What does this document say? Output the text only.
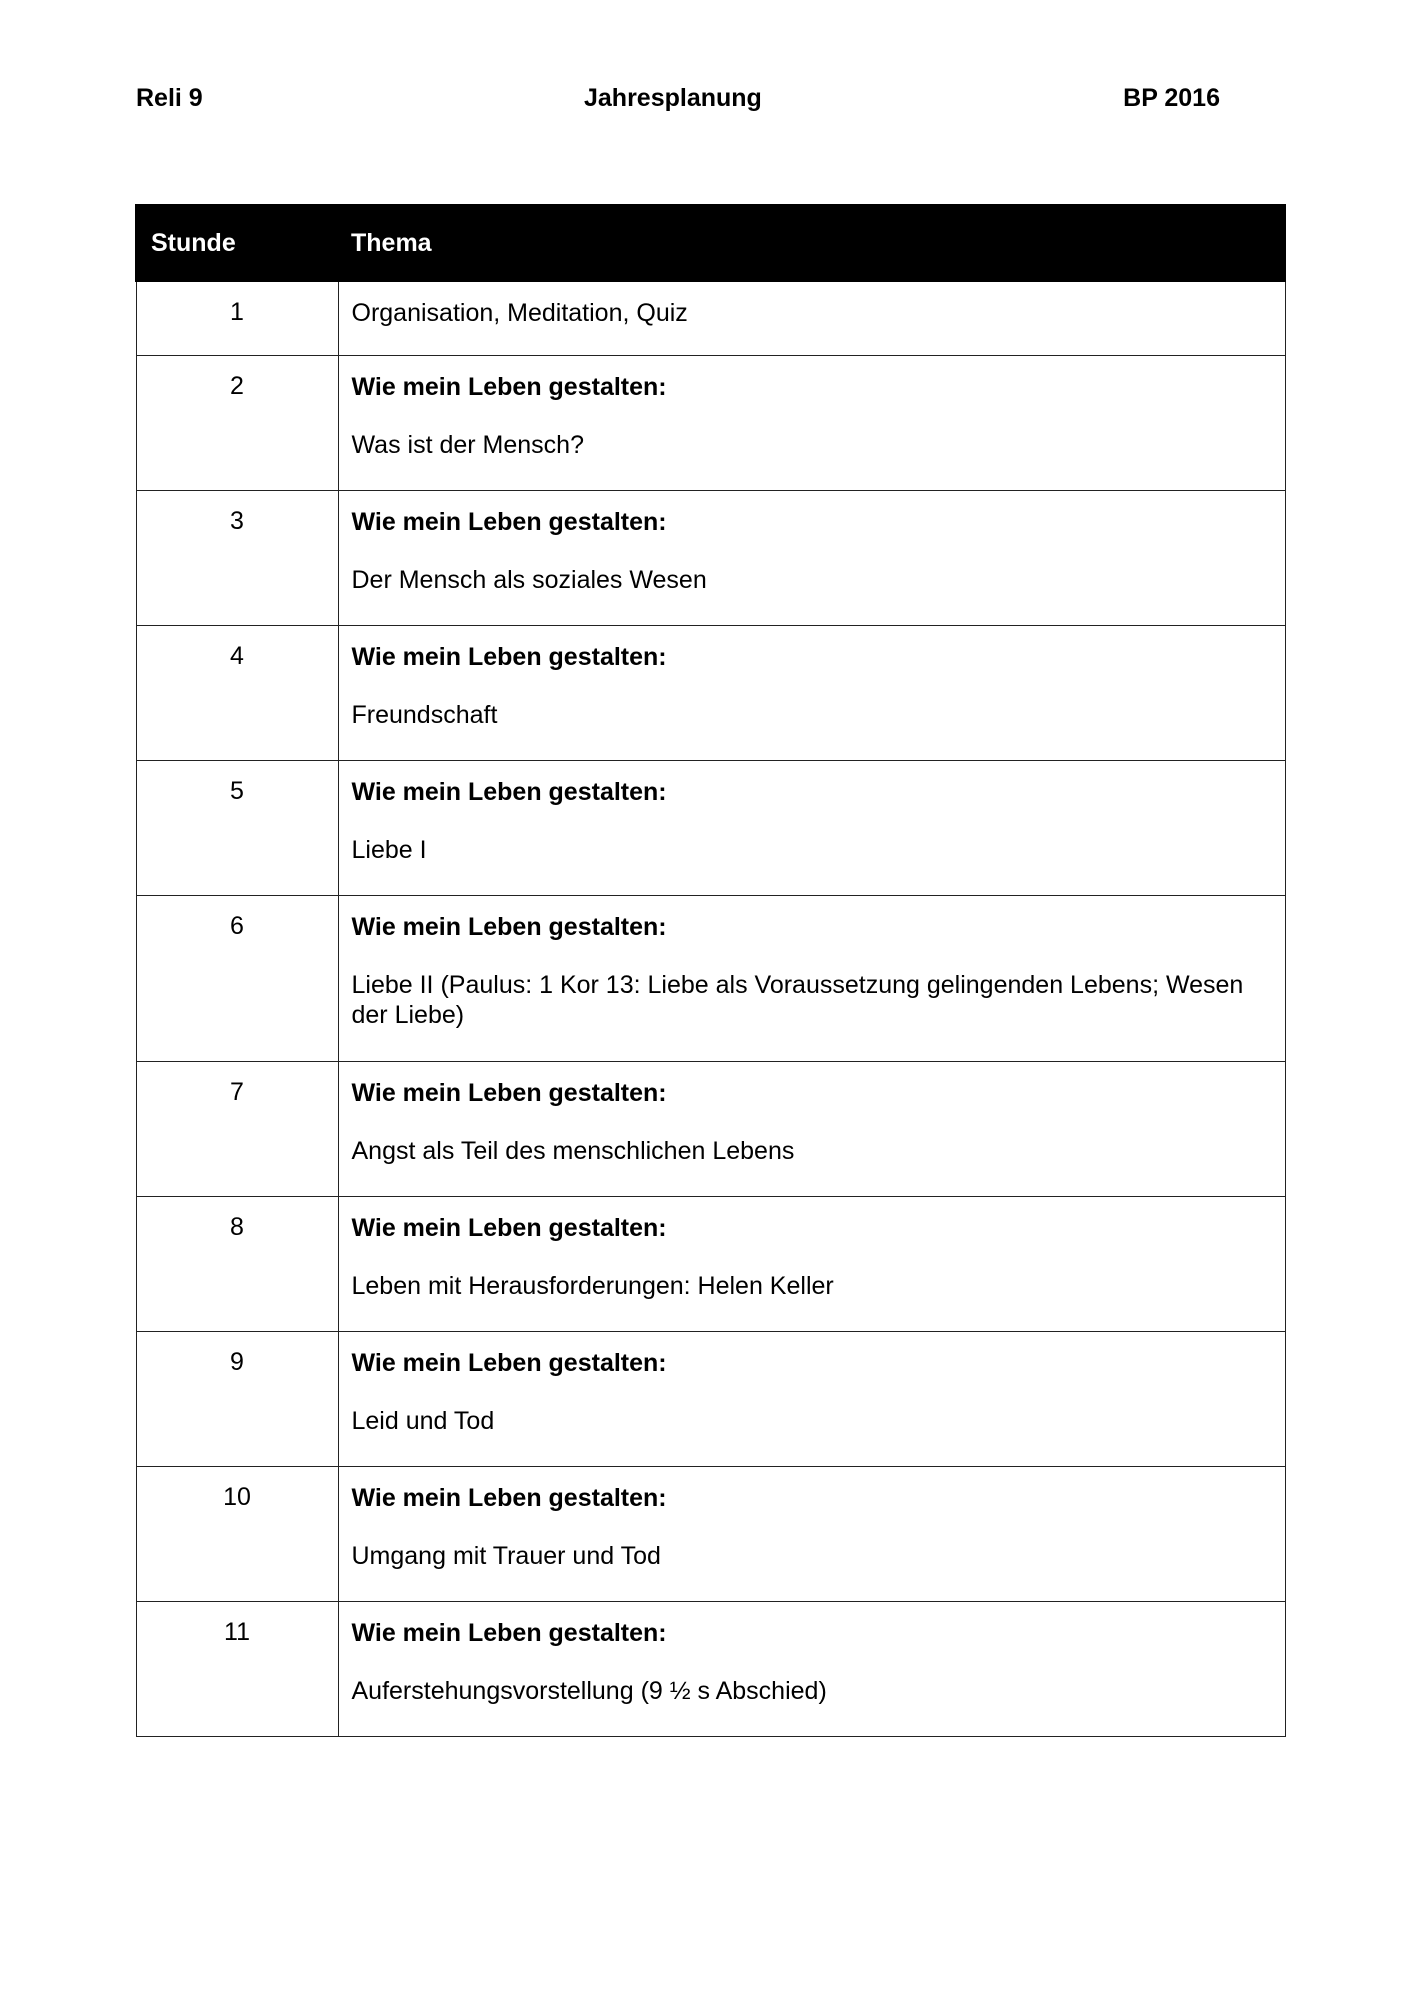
Reli 9	Jahresplanung	BP 2016
Stunde	Thema
1	Organisation, Meditation, Quiz

2	Wie mein Leben gestalten:
Was ist der Mensch?

3	Wie mein Leben gestalten:
Der Mensch als soziales Wesen

4	Wie mein Leben gestalten:
Freundschaft

5	Wie mein Leben gestalten:
Liebe I

6	Wie mein Leben gestalten:
Liebe II (Paulus: 1 Kor 13: Liebe als Voraussetzung gelingenden Lebens; Wesen der Liebe)

7	Wie mein Leben gestalten:
Angst als Teil des menschlichen Lebens

8	Wie mein Leben gestalten:
Leben mit Herausforderungen: Helen Keller

9	Wie mein Leben gestalten:
Leid und Tod

10	Wie mein Leben gestalten:
Umgang mit Trauer und Tod

11	Wie mein Leben gestalten:
Auferstehungsvorstellung (9 ½ s Abschied)
